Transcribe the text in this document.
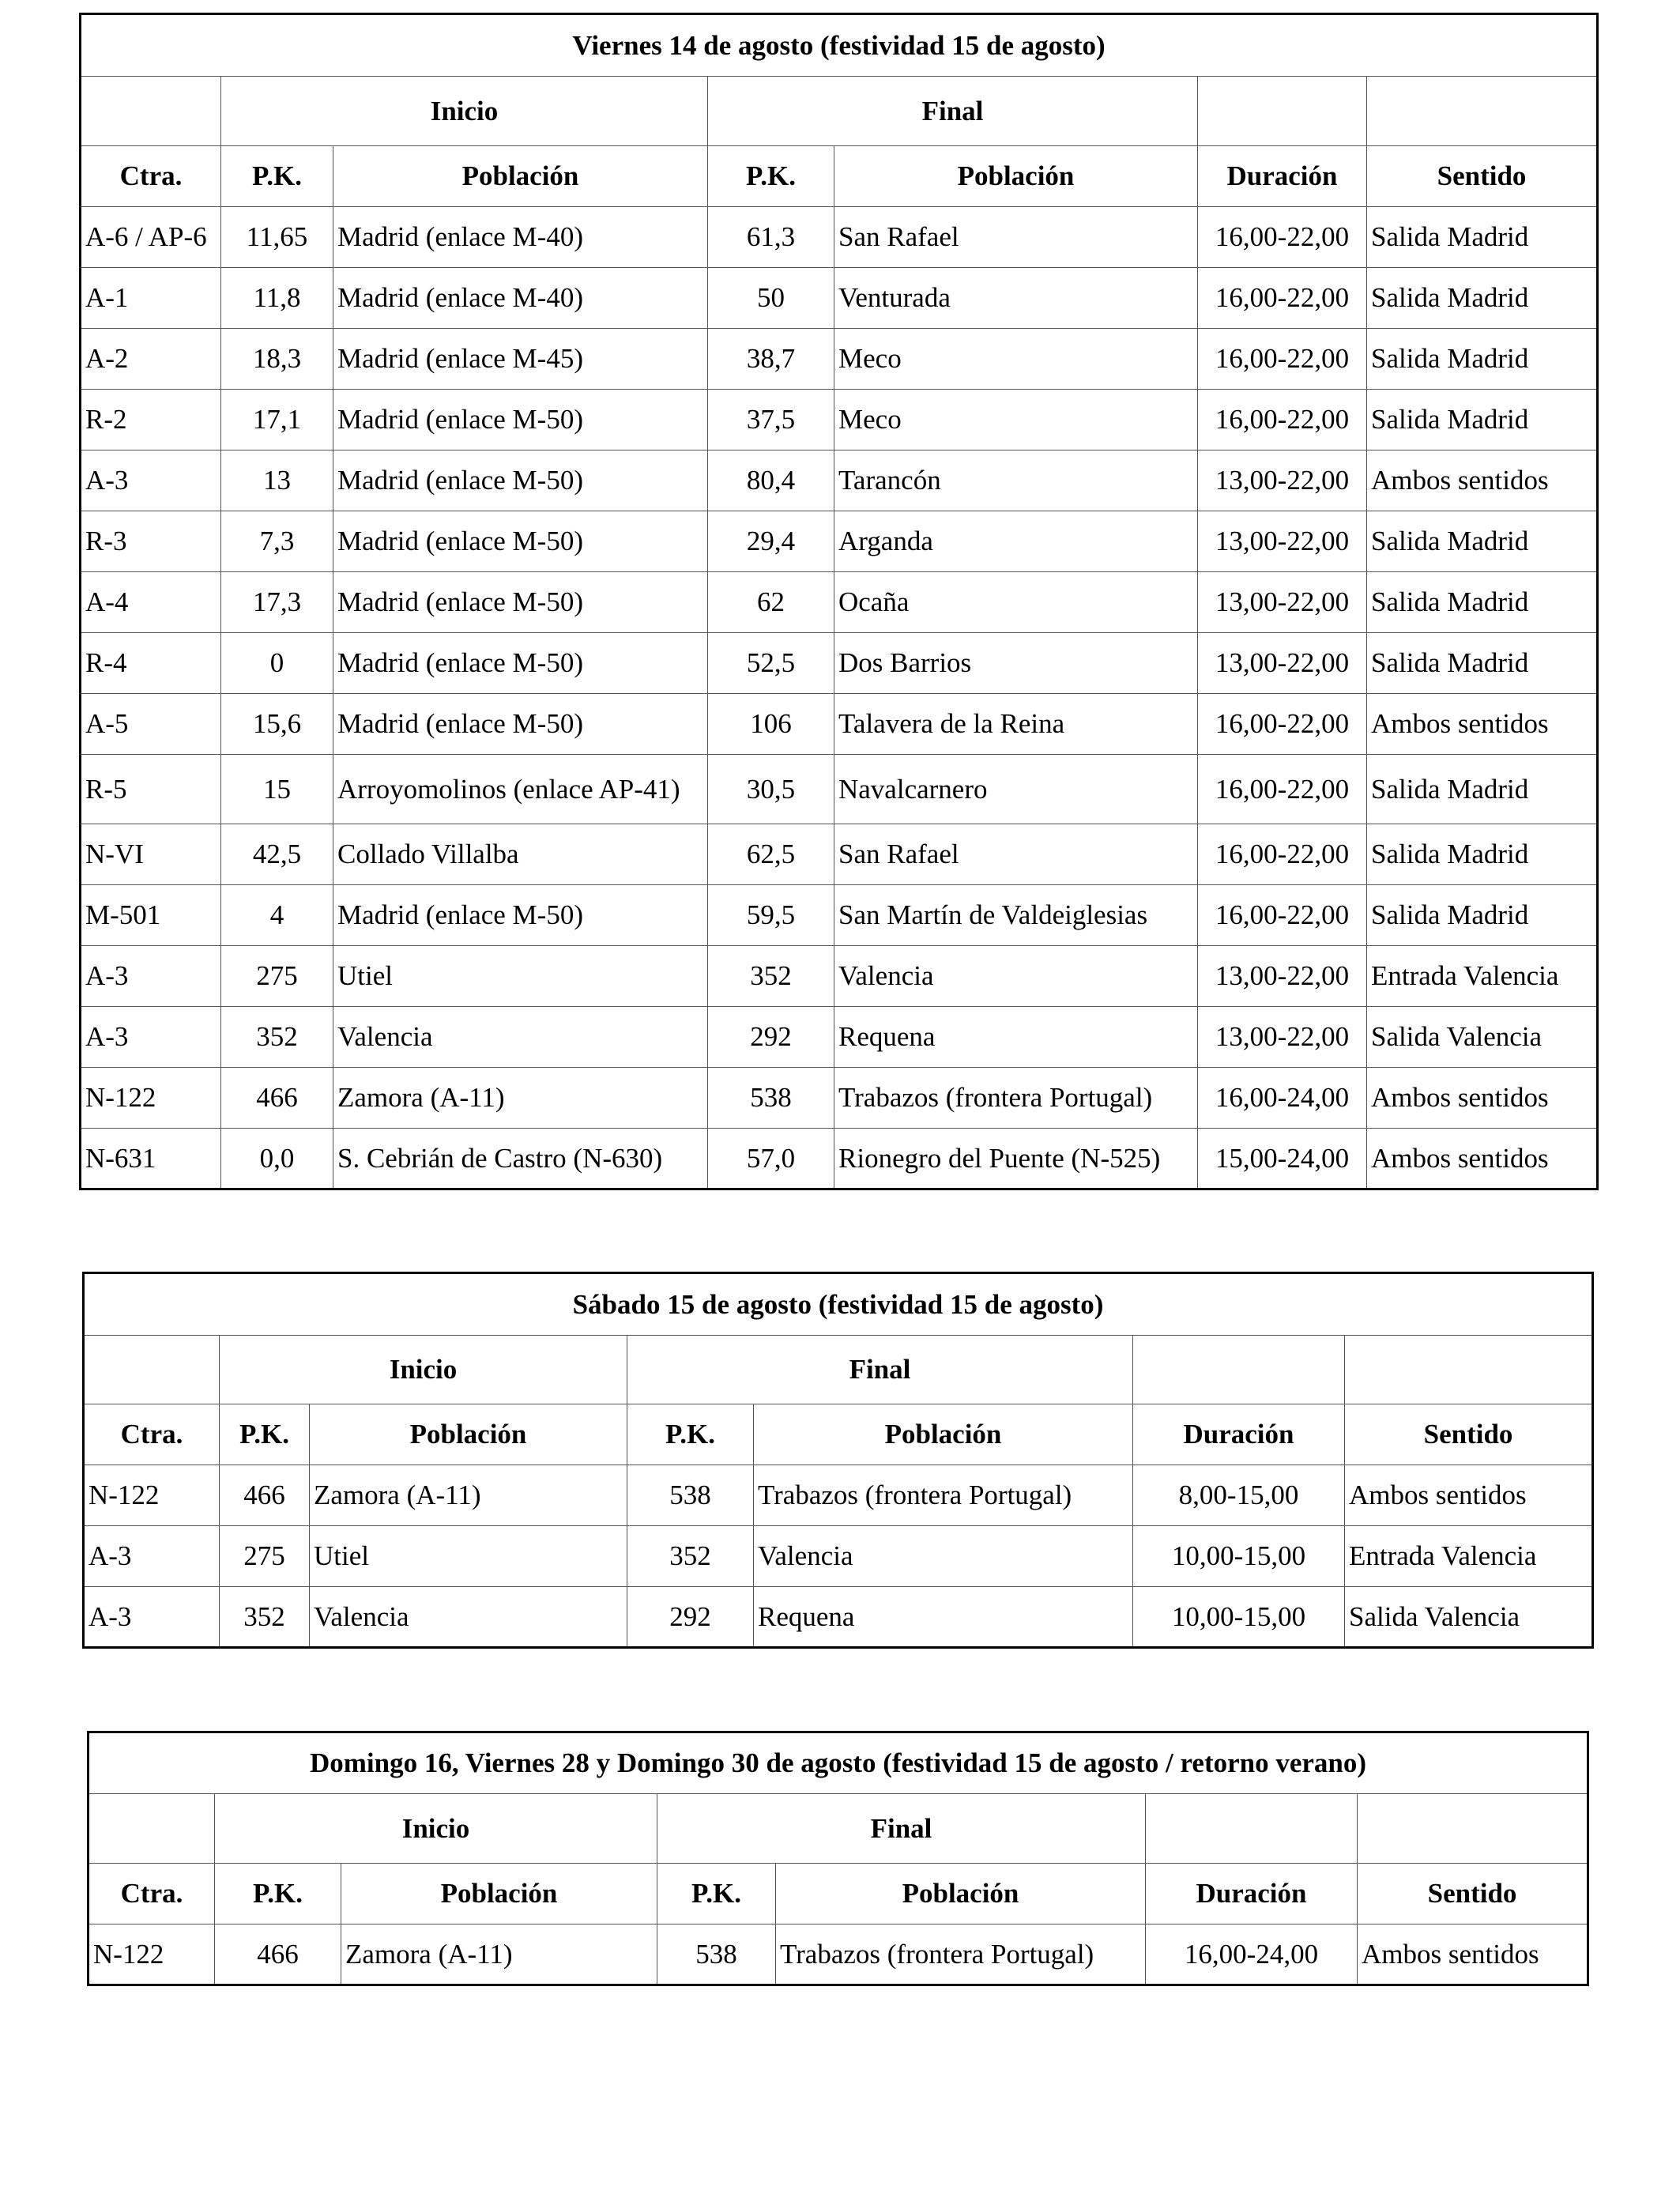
Viernes 14 de agosto (festividad 15 de agosto)						
	Inicio		Final			
Ctra.	P.K.	Población	P.K.	Población	Duración	Sentido
A-6 / AP-6	11,65	Madrid (enlace M-40)	61,3	San Rafael	16,00-22,00	Salida Madrid
A-1	11,8	Madrid (enlace M-40)	50	Venturada	16,00-22,00	Salida Madrid
A-2	18,3	Madrid (enlace M-45)	38,7	Meco	16,00-22,00	Salida Madrid
R-2	17,1	Madrid (enlace M-50)	37,5	Meco	16,00-22,00	Salida Madrid
A-3	13	Madrid (enlace M-50)	80,4	Tarancón	13,00-22,00	Ambos sentidos
R-3	7,3	Madrid (enlace M-50)	29,4	Arganda	13,00-22,00	Salida Madrid
A-4	17,3	Madrid (enlace M-50)	62	Ocaña	13,00-22,00	Salida Madrid
R-4	0	Madrid (enlace M-50)	52,5	Dos Barrios	13,00-22,00	Salida Madrid
A-5	15,6	Madrid (enlace M-50)	106	Talavera de la Reina	16,00-22,00	Ambos sentidos
R-5	15	Arroyomolinos (enlace AP-41)	30,5	Navalcarnero	16,00-22,00	Salida Madrid
N-VI	42,5	Collado Villalba	62,5	San Rafael	16,00-22,00	Salida Madrid
M-501	4	Madrid (enlace M-50)	59,5	San Martín de Valdeiglesias	16,00-22,00	Salida Madrid
A-3	275	Utiel	352	Valencia	13,00-22,00	Entrada Valencia
A-3	352	Valencia	292	Requena	13,00-22,00	Salida Valencia
N-122	466	Zamora (A-11)	538	Trabazos (frontera Portugal)	16,00-24,00	Ambos sentidos
N-631	0,0	S. Cebrián de Castro (N-630)	57,0	Rionegro del Puente (N-525)	15,00-24,00	Ambos sentidos
Sábado 15 de agosto (festividad 15 de agosto)						
	Inicio		Final			
Ctra.	P.K.	Población	P.K.	Población	Duración	Sentido
N-122	466	Zamora (A-11)	538	Trabazos (frontera Portugal)	8,00-15,00	Ambos sentidos
A-3	275	Utiel	352	Valencia	10,00-15,00	Entrada Valencia
A-3	352	Valencia	292	Requena	10,00-15,00	Salida Valencia
Domingo 16, Viernes 28 y Domingo 30 de agosto (festividad 15 de agosto / retorno verano)						
	Inicio		Final			
Ctra.	P.K.	Población	P.K.	Población	Duración	Sentido
N-122	466	Zamora (A-11)	538	Trabazos (frontera Portugal)	16,00-24,00	Ambos sentidos
